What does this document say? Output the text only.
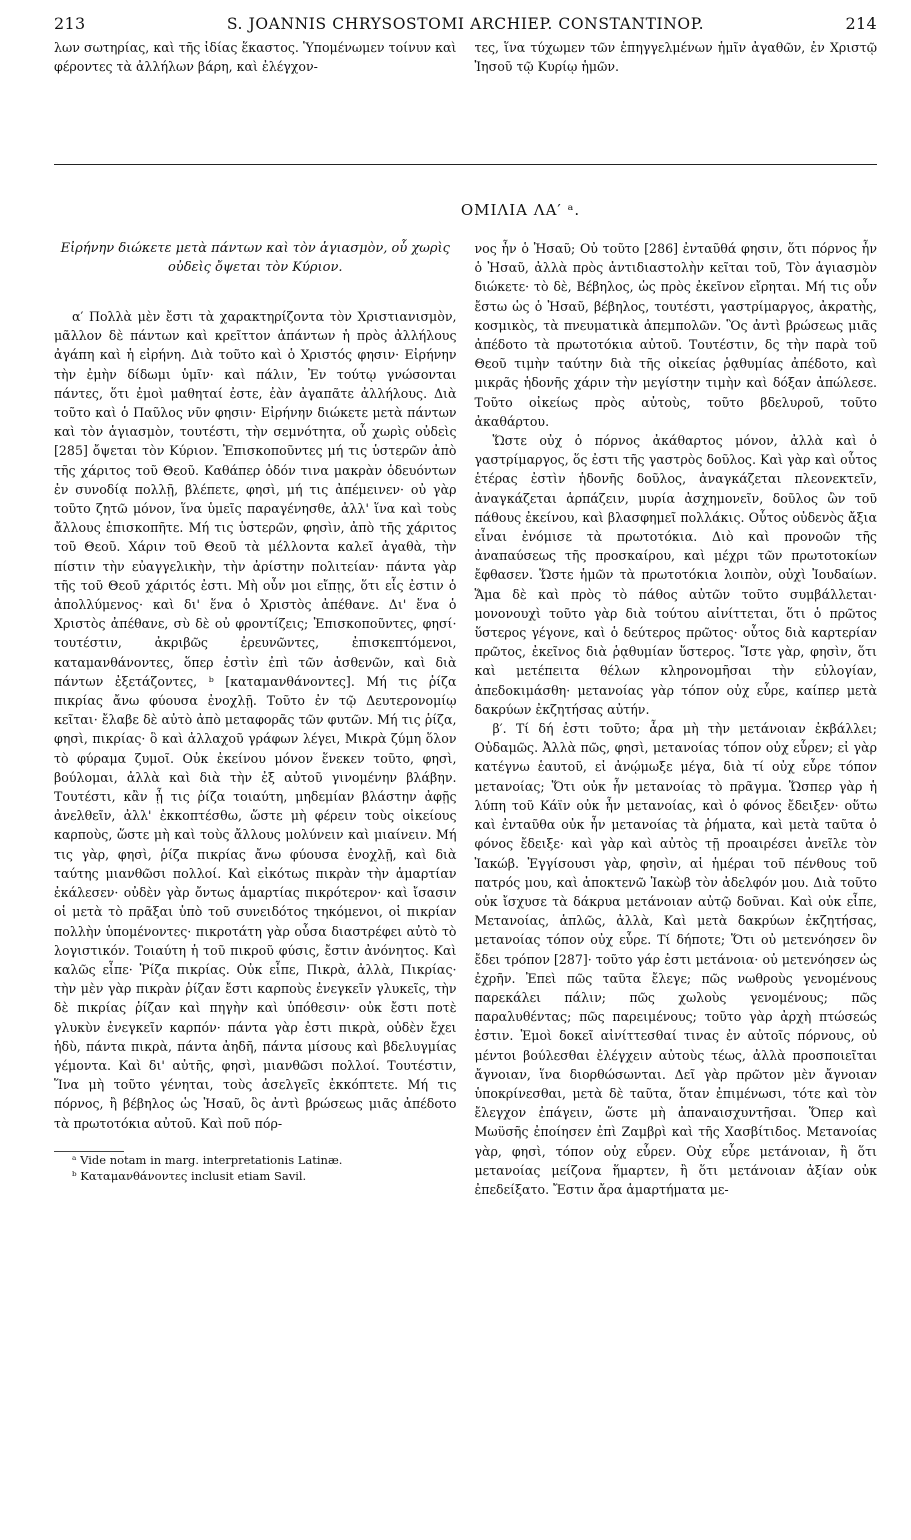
213	S. JOANNIS CHRYSOSTOMI ARCHIEP. CONSTANTINOP.	214

λων σωτηρίας, καὶ τῆς ἰδίας ἕκαστος. Ὑπομένωμεν τοίνυν καὶ φέροντες τὰ ἀλλήλων βάρη, καὶ ἐλέγχον-

τες, ἵνα τύχωμεν τῶν ἐπηγγελμένων ἡμῖν ἀγαθῶν, ἐν Χριστῷ Ἰησοῦ τῷ Κυρίῳ ἡμῶν.

ΟΜΙΛΙΑ ΛΑ′ ᵃ.
Εἰρήνην διώκετε μετὰ πάντων καὶ τὸν ἁγιασμὸν, οὗ χωρὶς οὐδεὶς ὄψεται τὸν Κύριον.

α′ Πολλὰ μὲν ἔστι τὰ χαρακτηρίζοντα τὸν Χριστιανισμὸν, μᾶλλον δὲ πάντων καὶ κρεῖττον ἁπάντων ἡ πρὸς ἀλλήλους ἀγάπη καὶ ἡ εἰρήνη. Διὰ τοῦτο καὶ ὁ Χριστός φησιν· Εἰρήνην τὴν ἐμὴν δίδωμι ὑμῖν· καὶ πάλιν, Ἐν τούτῳ γνώσονται πάντες, ὅτι ἐμοὶ μαθηταί ἐστε, ἐὰν ἀγαπᾶτε ἀλλήλους. Διὰ τοῦτο καὶ ὁ Παῦλος νῦν φησιν· Εἰρήνην διώκετε μετὰ πάντων καὶ τὸν ἁγιασμὸν, τουτέστι, τὴν σεμνότητα, οὗ χωρὶς οὐδεὶς [285] ὄψεται τὸν Κύριον. Ἐπισκοποῦντες μή τις ὑστερῶν ἀπὸ τῆς χάριτος τοῦ Θεοῦ. Καθάπερ ὁδόν τινα μακρὰν ὁδευόντων ἐν συνοδίᾳ πολλῇ, βλέπετε, φησὶ, μή τις ἀπέμεινεν· οὐ γὰρ τοῦτο ζητῶ μόνον, ἵνα ὑμεῖς παραγένησθε, ἀλλ' ἵνα καὶ τοὺς ἄλλους ἐπισκοπῆτε. Μή τις ὑστερῶν, φησὶν, ἀπὸ τῆς χάριτος τοῦ Θεοῦ. Χάριν τοῦ Θεοῦ τὰ μέλλοντα καλεῖ ἀγαθὰ, τὴν πίστιν τὴν εὐαγγελικὴν, τὴν ἀρίστην πολιτείαν· πάντα γὰρ τῆς τοῦ Θεοῦ χάριτός ἐστι. Μὴ οὖν μοι εἴπῃς, ὅτι εἷς ἐστιν ὁ ἀπολλύμενος· καὶ δι' ἕνα ὁ Χριστὸς ἀπέθανε. Δι' ἕνα ὁ Χριστὸς ἀπέθανε, σὺ δὲ οὐ φροντίζεις; Ἐπισκοποῦντες, φησί· τουτέστιν, ἀκριβῶς ἐρευνῶντες, ἐπισκεπτόμενοι, καταμανθάνοντες, ὅπερ ἐστὶν ἐπὶ τῶν ἀσθενῶν, καὶ διὰ πάντων ἐξετάζοντες, ᵇ [καταμανθάνοντες]. Μή τις ῥίζα πικρίας ἄνω φύουσα ἐνοχλῇ. Τοῦτο ἐν τῷ Δευτερονομίῳ κεῖται· ἔλαβε δὲ αὐτὸ ἀπὸ μεταφορᾶς τῶν φυτῶν. Μή τις ῥίζα, φησὶ, πικρίας· ὃ καὶ ἀλλαχοῦ γράφων λέγει, Μικρὰ ζύμη ὅλον τὸ φύραμα ζυμοῖ. Οὐκ ἐκείνου μόνον ἕνεκεν τοῦτο, φησὶ, βούλομαι, ἀλλὰ καὶ διὰ τὴν ἐξ αὐτοῦ γινομένην βλάβην. Τουτέστι, κἂν ᾖ τις ῥίζα τοιαύτη, μηδεμίαν βλάστην ἀφῇς ἀνελθεῖν, ἀλλ' ἐκκοπτέσθω, ὥστε μὴ φέρειν τοὺς οἰκείους καρποὺς, ὥστε μὴ καὶ τοὺς ἄλλους μολύνειν καὶ μιαίνειν. Μή τις γὰρ, φησὶ, ῥίζα πικρίας ἄνω φύουσα ἐνοχλῇ, καὶ διὰ ταύτης μιανθῶσι πολλοί. Καὶ εἰκότως πικρὰν τὴν ἁμαρτίαν ἐκάλεσεν· οὐδὲν γὰρ ὄντως ἁμαρτίας πικρότερον· καὶ ἴσασιν οἱ μετὰ τὸ πρᾶξαι ὑπὸ τοῦ συνειδότος τηκόμενοι, οἱ πικρίαν πολλὴν ὑπομένοντες· πικροτάτη γὰρ οὖσα διαστρέφει αὐτὸ τὸ λογιστικόν. Τοιαύτη ἡ τοῦ πικροῦ φύσις, ἔστιν ἀνόνητος. Καὶ καλῶς εἶπε· Ῥίζα πικρίας. Οὐκ εἶπε, Πικρὰ, ἀλλὰ, Πικρίας· τὴν μὲν γὰρ πικρὰν ῥίζαν ἔστι καρποὺς ἐνεγκεῖν γλυκεῖς, τὴν δὲ πικρίας ῥίζαν καὶ πηγὴν καὶ ὑπόθεσιν· οὐκ ἔστι ποτὲ γλυκὺν ἐνεγκεῖν καρπόν· πάντα γὰρ ἐστι πικρὰ, οὐδὲν ἔχει ἡδὺ, πάντα πικρὰ, πάντα ἀηδῆ, πάντα μίσους καὶ βδελυγμίας γέμοντα. Καὶ δι' αὐτῆς, φησὶ, μιανθῶσι πολλοί. Τουτέστιν, Ἵνα μὴ τοῦτο γένηται, τοὺς ἀσελγεῖς ἐκκόπτετε. Μή τις πόρνος, ἢ βέβηλος ὡς Ἠσαῦ, ὃς ἀντὶ βρώσεως μιᾶς ἀπέδοτο τὰ πρωτοτόκια αὐτοῦ. Καὶ ποῦ πόρ-

ᵃ Vide notam in marg. interpretationis Latinæ.

ᵇ Καταμανθάνοντες inclusit etiam Savil.

νος ἦν ὁ Ἠσαῦ; Οὐ τοῦτο [286] ἐνταῦθά φησιν, ὅτι πόρνος ἦν ὁ Ἠσαῦ, ἀλλὰ πρὸς ἀντιδιαστολὴν κεῖται τοῦ, Τὸν ἁγιασμὸν διώκετε· τὸ δὲ, Βέβηλος, ὡς πρὸς ἐκεῖνον εἴρηται. Μή τις οὖν ἔστω ὡς ὁ Ἠσαῦ, βέβηλος, τουτέστι, γαστρίμαργος, ἀκρατὴς, κοσμικὸς, τὰ πνευματικὰ ἀπεμπολῶν. Ὃς ἀντὶ βρώσεως μιᾶς ἀπέδοτο τὰ πρωτοτόκια αὐτοῦ. Τουτέστιν, δς τὴν παρὰ τοῦ Θεοῦ τιμὴν ταύτην διὰ τῆς οἰκείας ῥᾳθυμίας ἀπέδοτο, καὶ μικρᾶς ἡδονῆς χάριν τὴν μεγίστην τιμὴν καὶ δόξαν ἀπώλεσε. Τοῦτο οἰκείως πρὸς αὐτοὺς, τοῦτο βδελυροῦ, τοῦτο ἀκαθάρτου.

Ὥστε οὐχ ὁ πόρνος ἀκάθαρτος μόνον, ἀλλὰ καὶ ὁ γαστρίμαργος, ὅς ἐστι τῆς γαστρὸς δοῦλος. Καὶ γὰρ καὶ οὗτος ἑτέρας ἐστὶν ἡδονῆς δοῦλος, ἀναγκάζεται πλεονεκτεῖν, ἀναγκάζεται ἁρπάζειν, μυρία ἀσχημονεῖν, δοῦλος ὢν τοῦ πάθους ἐκείνου, καὶ βλασφημεῖ πολλάκις. Οὗτος οὐδενὸς ἄξια εἶναι ἐνόμισε τὰ πρωτοτόκια. Διὸ καὶ προνοῶν τῆς ἀναπαύσεως τῆς προσκαίρου, καὶ μέχρι τῶν πρωτοτοκίων ἔφθασεν. Ὥστε ἡμῶν τὰ πρωτοτόκια λοιπὸν, οὐχὶ Ἰουδαίων. Ἅμα δὲ καὶ πρὸς τὸ πάθος αὐτῶν τοῦτο συμβάλλεται· μονονουχὶ τοῦτο γὰρ διὰ τούτου αἰνίττεται, ὅτι ὁ πρῶτος ὕστερος γέγονε, καὶ ὁ δεύτερος πρῶτος· οὗτος διὰ καρτερίαν πρῶτος, ἐκεῖνος διὰ ῥᾳθυμίαν ὕστερος. Ἴστε γὰρ, φησὶν, ὅτι καὶ μετέπειτα θέλων κληρονομῆσαι τὴν εὐλογίαν, ἀπεδοκιμάσθη· μετανοίας γὰρ τόπον οὐχ εὗρε, καίπερ μετὰ δακρύων ἐκζητήσας αὐτήν.

β′. Τί δή ἐστι τοῦτο; ἆρα μὴ τὴν μετάνοιαν ἐκβάλλει; Οὐδαμῶς. Ἀλλὰ πῶς, φησὶ, μετανοίας τόπον οὐχ εὗρεν; εἰ γὰρ κατέγνω ἑαυτοῦ, εἰ ἀνῴμωξε μέγα, διὰ τί οὐχ εὗρε τόπον μετανοίας; Ὅτι οὐκ ἦν μετανοίας τὸ πρᾶγμα. Ὥσπερ γὰρ ἡ λύπη τοῦ Κάϊν οὐκ ἦν μετανοίας, καὶ ὁ φόνος ἔδειξεν· οὕτω καὶ ἐνταῦθα οὐκ ἦν μετανοίας τὰ ῥήματα, καὶ μετὰ ταῦτα ὁ φόνος ἔδειξε· καὶ γὰρ καὶ αὐτὸς τῇ προαιρέσει ἀνεῖλε τὸν Ἰακώβ. Ἐγγίσουσι γὰρ, φησὶν, αἱ ἡμέραι τοῦ πένθους τοῦ πατρός μου, καὶ ἀποκτενῶ Ἰακὼβ τὸν ἀδελφόν μου. Διὰ τοῦτο οὐκ ἴσχυσε τὰ δάκρυα μετάνοιαν αὐτῷ δοῦναι. Καὶ οὐκ εἶπε, Μετανοίας, ἁπλῶς, ἀλλὰ, Καὶ μετὰ δακρύων ἐκζητήσας, μετανοίας τόπον οὐχ εὗρε. Τί δήποτε; Ὅτι οὐ μετενόησεν ὃν ἔδει τρόπον [287]· τοῦτο γάρ ἐστι μετάνοια· οὐ μετενόησεν ὡς ἐχρῆν. Ἐπεὶ πῶς ταῦτα ἔλεγε; πῶς νωθροὺς γενομένους παρεκάλει πάλιν; πῶς χωλοὺς γενομένους; πῶς παραλυθέντας; πῶς παρειμένους; τοῦτο γὰρ ἀρχὴ πτώσεώς ἐστιν. Ἐμοὶ δοκεῖ αἰνίττεσθαί τινας ἐν αὐτοῖς πόρνους, οὐ μέντοι βούλεσθαι ἐλέγχειν αὐτοὺς τέως, ἀλλὰ προσποιεῖται ἄγνοιαν, ἵνα διορθώσωνται. Δεῖ γὰρ πρῶτον μὲν ἄγνοιαν ὑποκρίνεσθαι, μετὰ δὲ ταῦτα, ὅταν ἐπιμένωσι, τότε καὶ τὸν ἔλεγχον ἐπάγειν, ὥστε μὴ ἀπαναισχυντῆσαι. Ὅπερ καὶ Μωϋσῆς ἐποίησεν ἐπὶ Ζαμβρὶ καὶ τῆς Χασβίτιδος. Μετανοίας γὰρ, φησὶ, τόπον οὐχ εὗρεν. Οὐχ εὗρε μετάνοιαν, ἢ ὅτι μετανοίας μείζονα ἥμαρτεν, ἢ ὅτι μετάνοιαν ἀξίαν οὐκ ἐπεδείξατο. Ἔστιν ἄρα ἁμαρτήματα με-
